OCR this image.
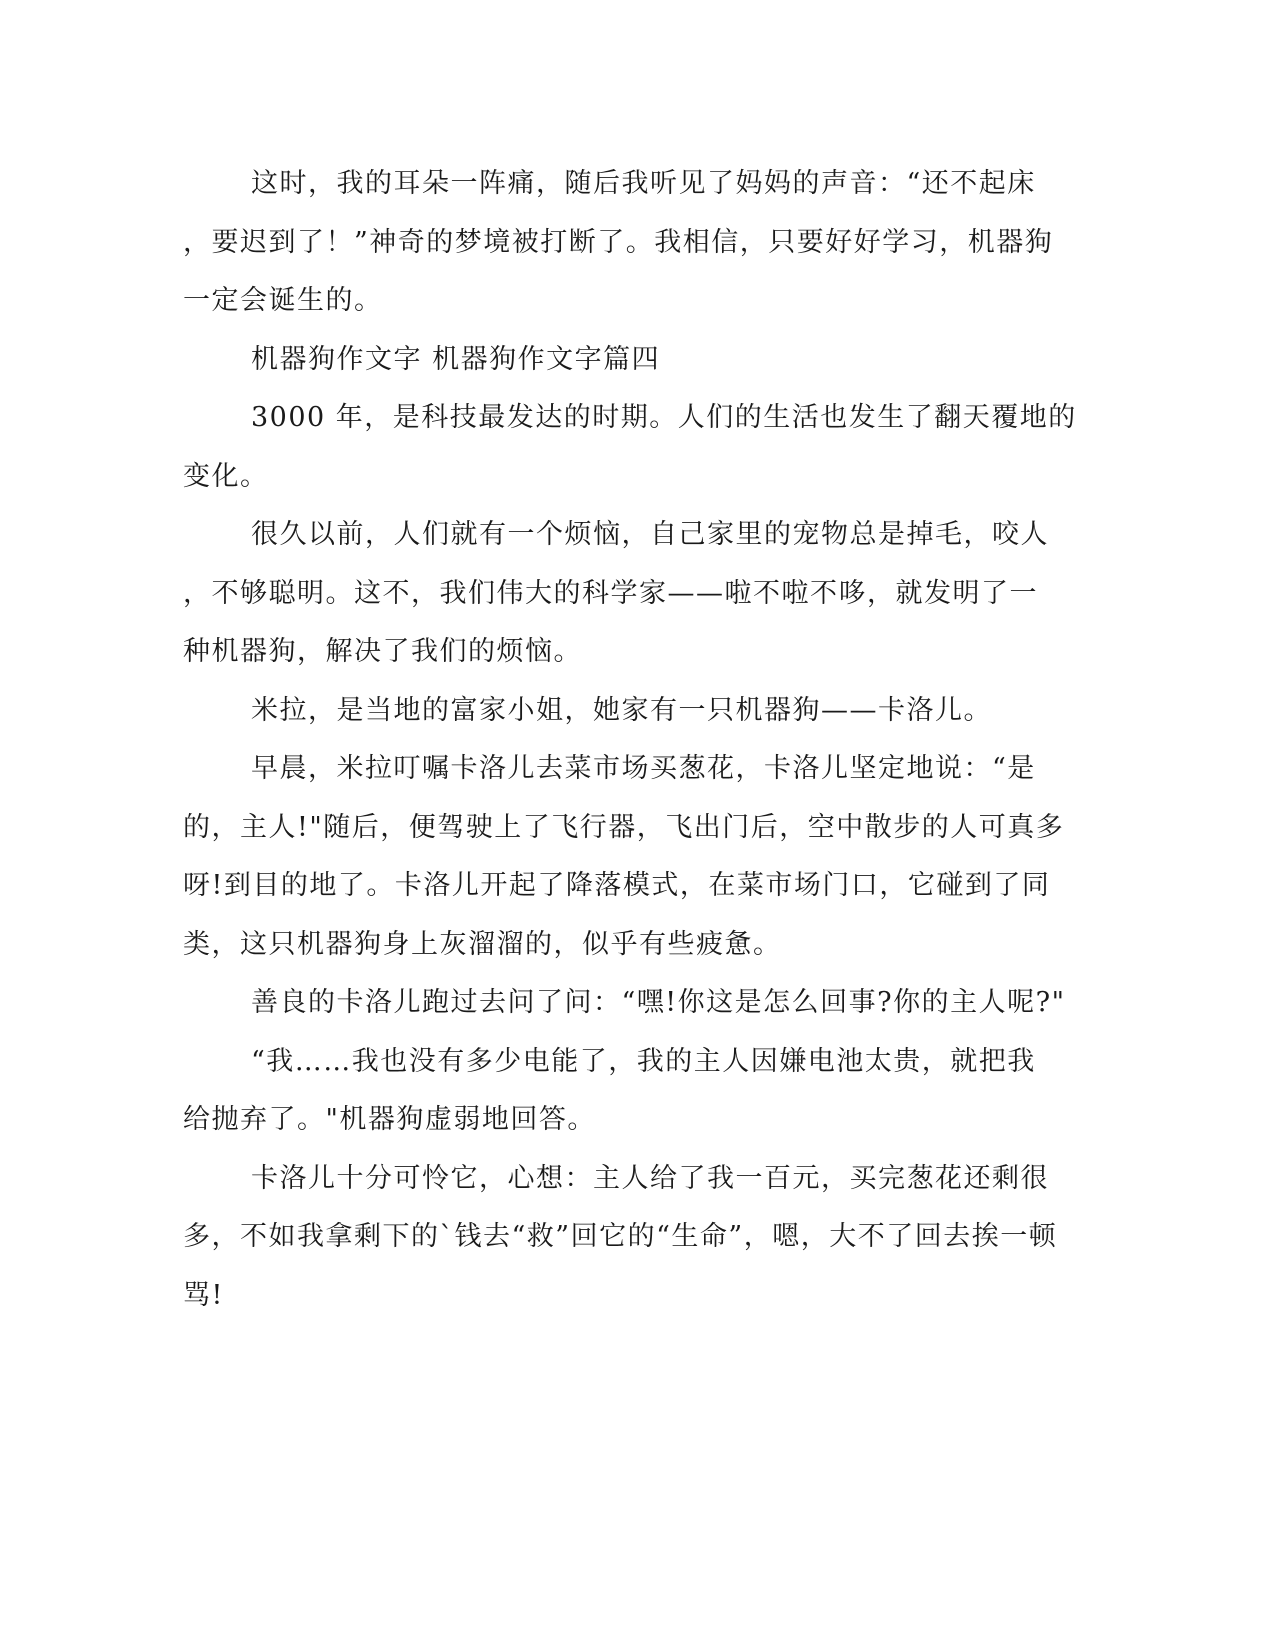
这时，我的耳朵一阵痛，随后我听见了妈妈的声音：“还不起床
，要迟到了！”神奇的梦境被打断了。我相信，只要好好学习，机器狗
一定会诞生的。
机器狗作文字 机器狗作文字篇四
3000 年，是科技最发达的时期。人们的生活也发生了翻天覆地的
变化。
很久以前，人们就有一个烦恼，自己家里的宠物总是掉毛，咬人
，不够聪明。这不，我们伟大的科学家——啦不啦不哆，就发明了一
种机器狗，解决了我们的烦恼。
米拉，是当地的富家小姐，她家有一只机器狗——卡洛儿。
早晨，米拉叮嘱卡洛儿去菜市场买葱花，卡洛儿坚定地说：“是
的，主人!"随后，便驾驶上了飞行器，飞出门后，空中散步的人可真多
呀!到目的地了。卡洛儿开起了降落模式，在菜市场门口，它碰到了同
类，这只机器狗身上灰溜溜的，似乎有些疲惫。
善良的卡洛儿跑过去问了问：“嘿!你这是怎么回事?你的主人呢?"
“我……我也没有多少电能了，我的主人因嫌电池太贵，就把我
给抛弃了。"机器狗虚弱地回答。
卡洛儿十分可怜它，心想：主人给了我一百元，买完葱花还剩很
多，不如我拿剩下的`钱去“救”回它的“生命”，嗯，大不了回去挨一顿
骂!
